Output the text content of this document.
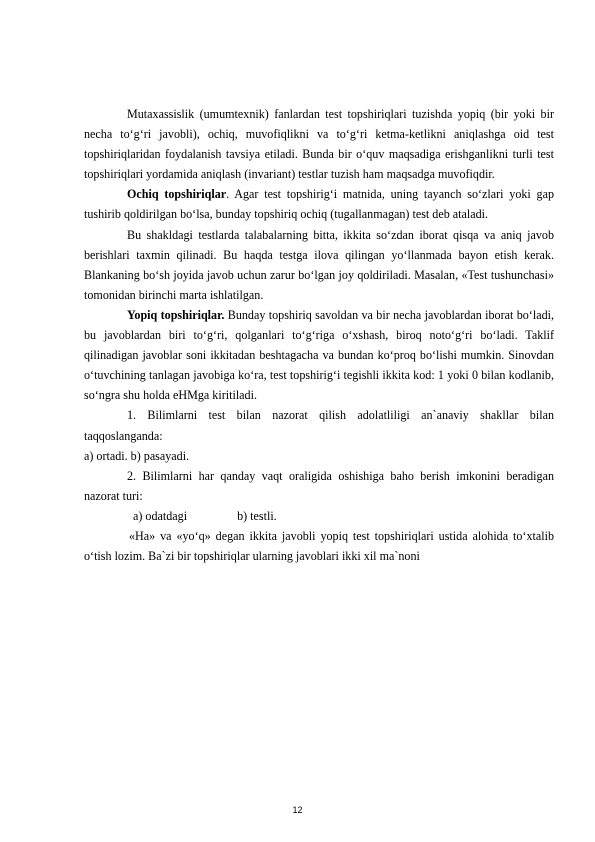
Mutaxassislik (umumtexnik) fanlardan test topshiriqlari tuzishda yopiq (bir yoki bir necha to‘g‘ri javobli), ochiq, muvofiqlikni va to‘g‘ri ketma-ketlikni aniqlashga oid test topshiriqlaridan foydalanish tavsiya etiladi. Bunda bir o‘quv maqsadiga erishganlikni turli test topshiriqlari yordamida aniqlash (invariant) testlar tuzish ham maqsadga muvofiqdir.

Ochiq topshiriqlar. Agar test topshirig‘i matnida, uning tayanch so‘zlari yoki gap tushirib qoldirilgan bo‘lsa, bunday topshiriq ochiq (tugallanmagan) test deb ataladi.

Bu shakldagi testlarda talabalarning bitta, ikkita so‘zdan iborat qisqa va aniq javob berishlari taxmin qilinadi. Bu haqda testga ilova qilingan yo‘llanmada bayon etish kerak. Blankaning bo‘sh joyida javob uchun zarur bo‘lgan joy qoldiriladi. Masalan, «Test tushunchasi» tomonidan birinchi marta ishlatilgan.

Yopiq topshiriqlar. Bunday topshiriq savoldan va bir necha javoblardan iborat bo‘ladi, bu javoblardan biri to‘g‘ri, qolganlari to‘g‘riga o‘xshash, biroq noto‘g‘ri bo‘ladi. Taklif qilinadigan javoblar soni ikkitadan beshtagacha va bundan ko‘proq bo‘lishi mumkin. Sinovdan o‘tuvchining tanlagan javobiga ko‘ra, test topshirig‘i tegishli ikkita kod: 1 yoki 0 bilan kodlanib, so‘ngra shu holda eHMga kiritiladi.

1. Bilimlarni test bilan nazorat qilish adolatliligi an`anaviy shakllar bilan taqqoslanganda:

a) ortadi. b) pasayadi.

2. Bilimlarni har qanday vaqt oraligida oshishiga baho berish imkonini beradigan nazorat turi:

a) odatdagi	b) testli.

«Ha» va «yo‘q» degan ikkita javobli yopiq test topshiriqlari ustida alohida to‘xtalib o‘tish lozim. Ba`zi bir topshiriqlar ularning javoblari ikki xil ma`noni

12
